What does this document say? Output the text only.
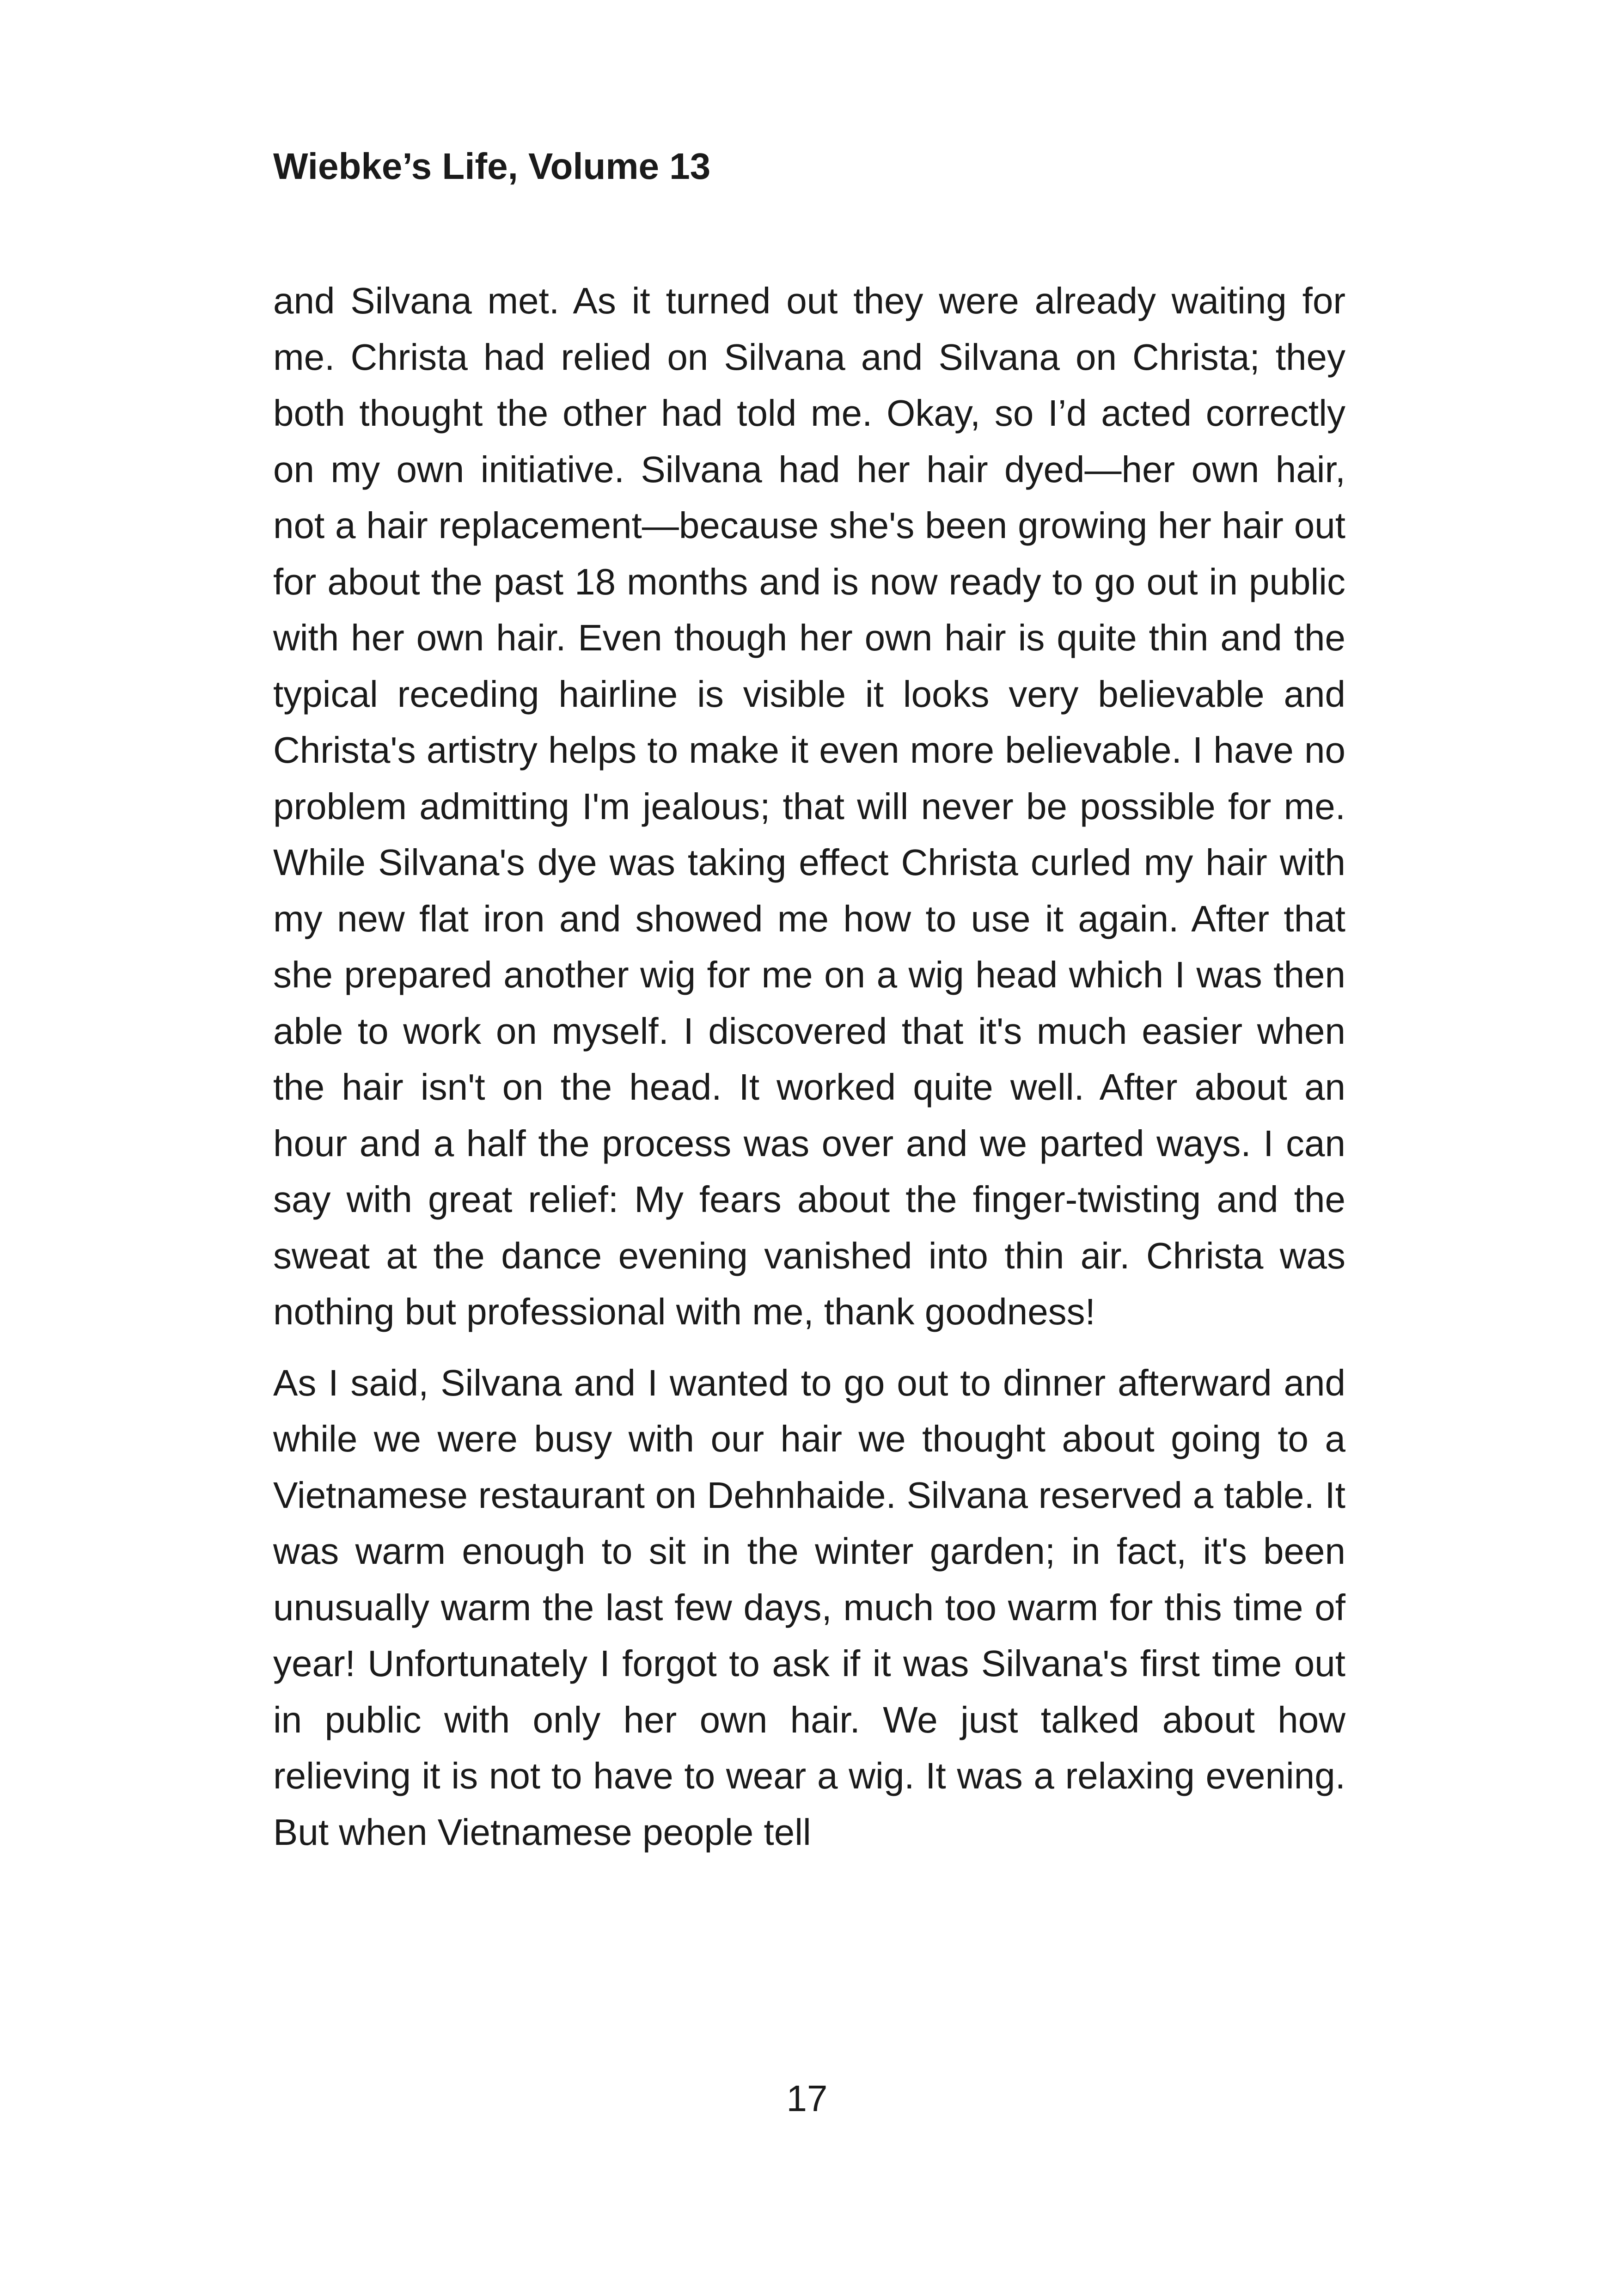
Wiebke’s Life, Volume 13

and Silvana met. As it turned out they were already waiting for me. Christa had relied on Silvana and Silvana on Christa; they both thought the other had told me. Okay, so I’d acted correctly on my own initiative. Silvana had her hair dyed—her own hair, not a hair replacement—because she's been growing her hair out for about the past 18 months and is now ready to go out in public with her own hair. Even though her own hair is quite thin and the typical receding hairline is visible it looks very believable and Christa's artistry helps to make it even more believable. I have no problem admitting I'm jealous; that will never be possible for me. While Silvana's dye was taking effect Christa curled my hair with my new flat iron and showed me how to use it again. After that she prepared another wig for me on a wig head which I was then able to work on myself. I discovered that it's much easier when the hair isn't on the head. It worked quite well. After about an hour and a half the process was over and we parted ways. I can say with great relief: My fears about the finger-twisting and the sweat at the dance evening vanished into thin air. Christa was nothing but professional with me, thank goodness!

As I said, Silvana and I wanted to go out to dinner afterward and while we were busy with our hair we thought about going to a Vietnamese restaurant on Dehnhaide. Silvana reserved a table. It was warm enough to sit in the winter garden; in fact, it's been unusually warm the last few days, much too warm for this time of year! Unfortunately I forgot to ask if it was Silvana's first time out in public with only her own hair. We just talked about how relieving it is not to have to wear a wig. It was a relaxing evening. But when Vietnamese people tell

17
